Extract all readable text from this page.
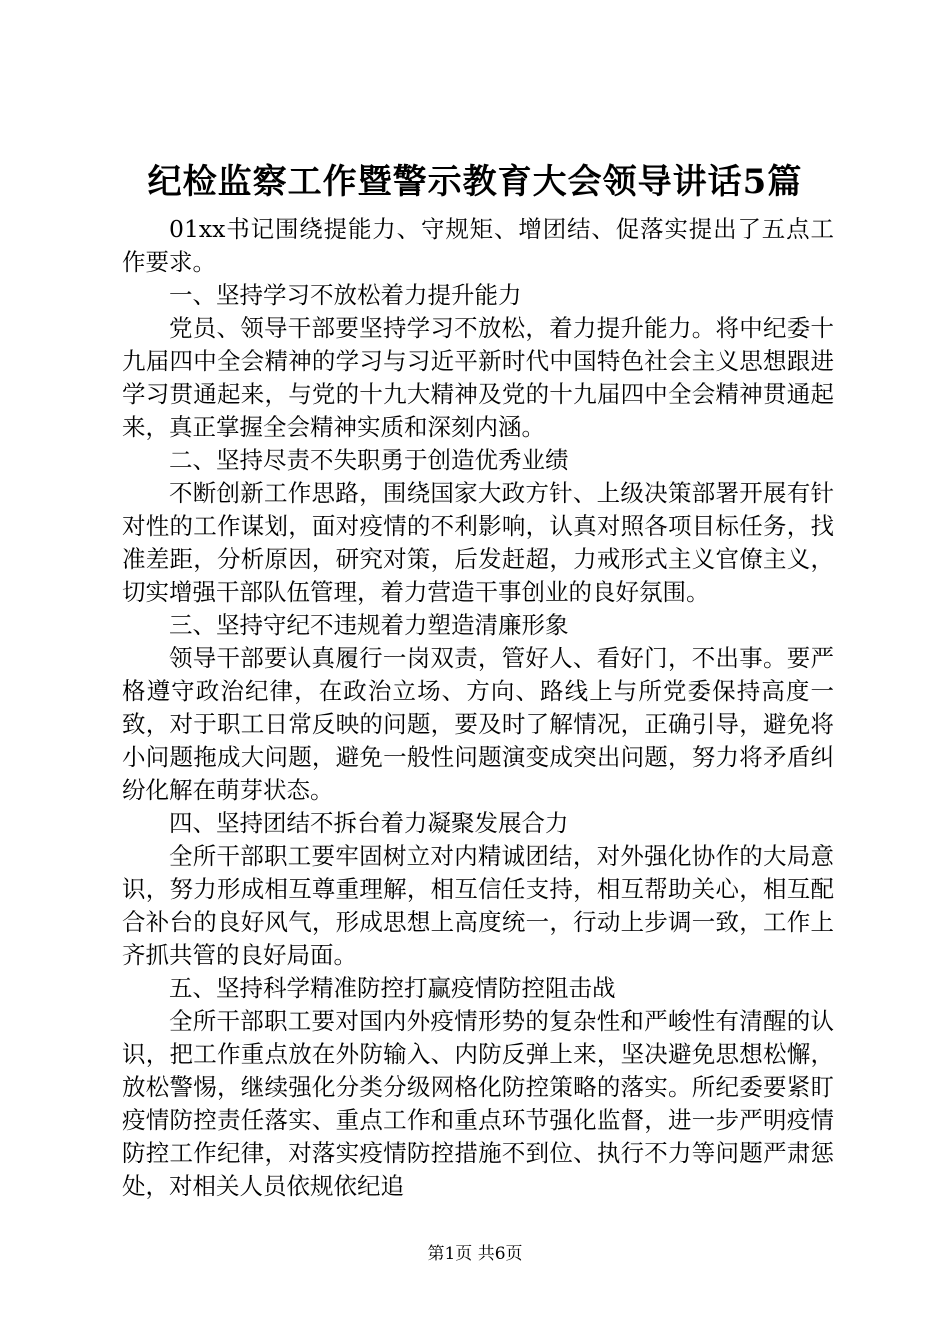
纪检监察工作暨警示教育大会领导讲话5篇

01xx书记围绕提能力、守规矩、增团结、促落实提出了五点工作要求。

一、坚持学习不放松着力提升能力

党员、领导干部要坚持学习不放松，着力提升能力。将中纪委十九届四中全会精神的学习与习近平新时代中国特色社会主义思想跟进学习贯通起来，与党的十九大精神及党的十九届四中全会精神贯通起来，真正掌握全会精神实质和深刻内涵。

二、坚持尽责不失职勇于创造优秀业绩

不断创新工作思路，围绕国家大政方针、上级决策部署开展有针对性的工作谋划，面对疫情的不利影响，认真对照各项目标任务，找准差距，分析原因，研究对策，后发赶超，力戒形式主义官僚主义，切实增强干部队伍管理，着力营造干事创业的良好氛围。

三、坚持守纪不违规着力塑造清廉形象

领导干部要认真履行一岗双责，管好人、看好门，不出事。要严格遵守政治纪律，在政治立场、方向、路线上与所党委保持高度一致，对于职工日常反映的问题，要及时了解情况，正确引导，避免将小问题拖成大问题，避免一般性问题演变成突出问题，努力将矛盾纠纷化解在萌芽状态。

四、坚持团结不拆台着力凝聚发展合力

全所干部职工要牢固树立对内精诚团结，对外强化协作的大局意识，努力形成相互尊重理解，相互信任支持，相互帮助关心，相互配合补台的良好风气，形成思想上高度统一，行动上步调一致，工作上齐抓共管的良好局面。

五、坚持科学精准防控打赢疫情防控阻击战

全所干部职工要对国内外疫情形势的复杂性和严峻性有清醒的认识，把工作重点放在外防输入、内防反弹上来，坚决避免思想松懈，放松警惕，继续强化分类分级网格化防控策略的落实。所纪委要紧盯疫情防控责任落实、重点工作和重点环节强化监督，进一步严明疫情防控工作纪律，对落实疫情防控措施不到位、执行不力等问题严肃惩处，对相关人员依规依纪追

第1页 共6页
